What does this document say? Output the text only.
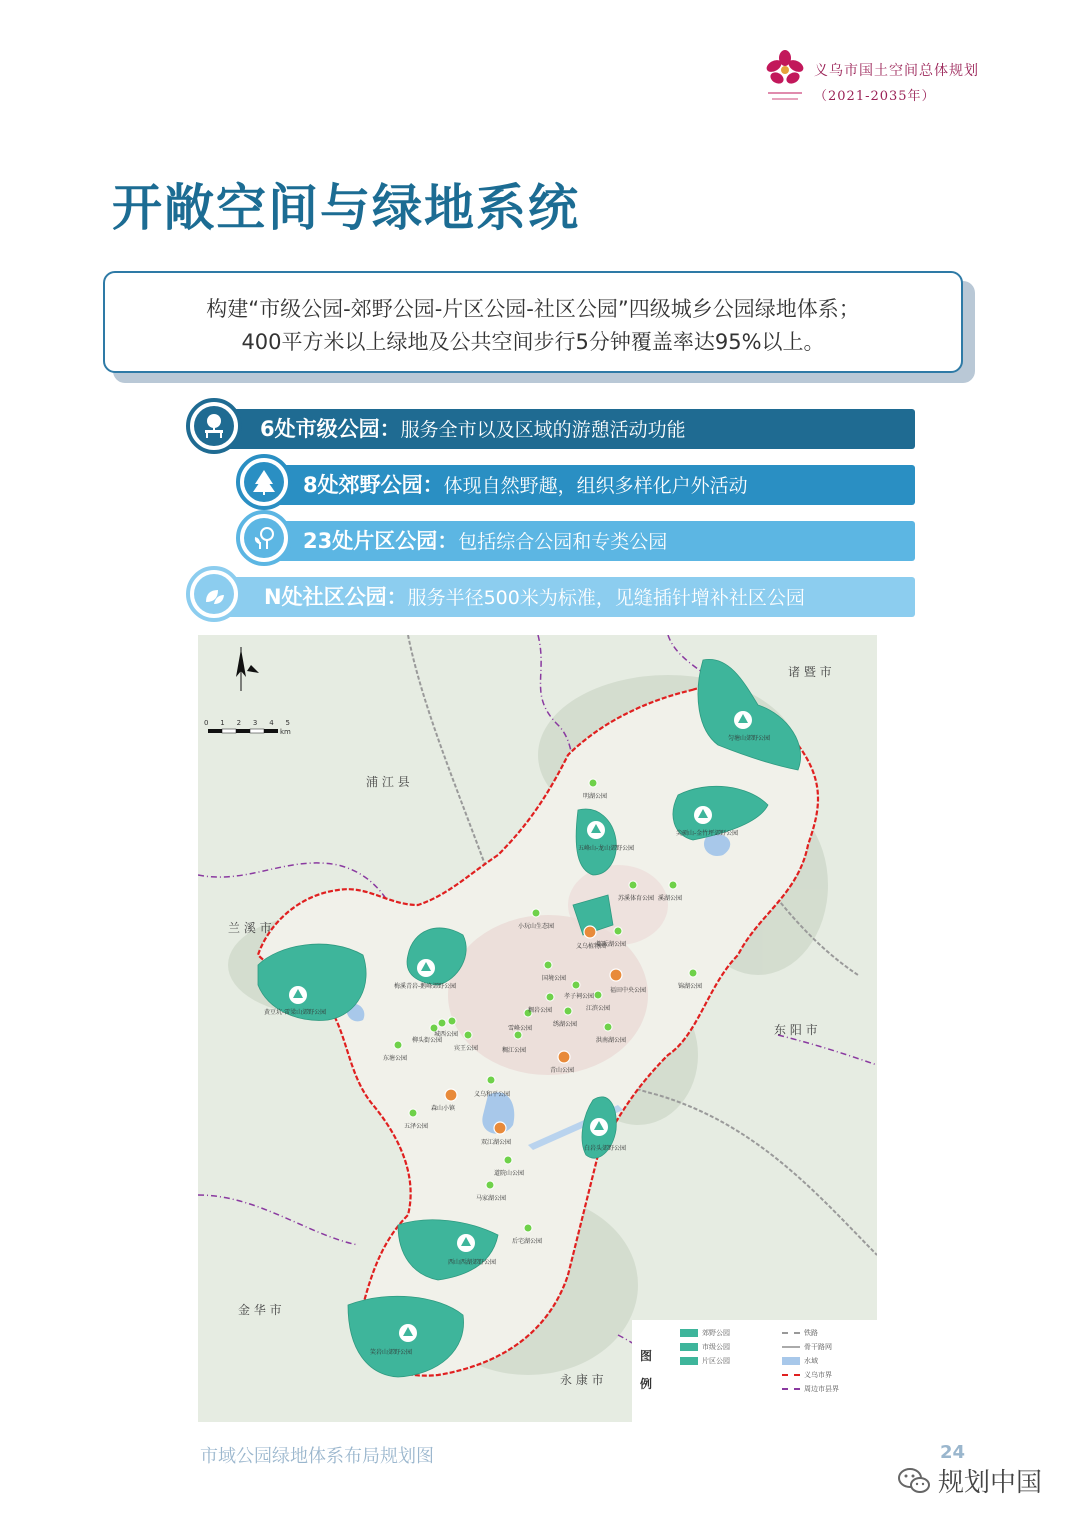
义乌市国土空间总体规划
（2021-2035年）
开敞空间与绿地系统
构建“市级公园-郊野公园-片区公园-社区公园”四级城乡公园绿地体系；
400平方米以上绿地及公共空间步行5分钟覆盖率达95%以上。
6处市级公园：服务全市以及区域的游憩活动功能
8处郊野公园：体现自然野趣，组织多样化户外活动
23处片区公园：包括综合公园和专类公园
N处社区公园：服务半径500米为标准，见缝插针增补社区公园
0 1 2 3 4 5
km
浦 江 县
诸 暨 市
兰 溪 市
东 阳 市
金 华 市
永 康 市
匀塘山郊野公园
尖硕山-金竹坪郊野公园
五峰山-龙山郊野公园
梅溪青岩-鹅峰郊野公园
黄豆坑-雷梁山郊野公园
白岩头郊野公园
西山西湖郊野公园
笑岩山郊野公园
义乌植物园
福田中央公园
青山公园
森山小镇
双江湖公园
明湖公园
苏溪体育公园 溪湖公园
小玩山生态园
都畈湖公园
国境公园
锦湖公园
孝子祠公园
稠岩公园	江滨公园
城西公园
雪峰公园
绣湖公园
柳头街公园
稠江公园
洪南湖公园
宾王公园
东塘公园
义乌和平公园
五泽公园
道院山公园
马家湖公园
后宅湖公园
图例
郊野公园
市级公园
片区公园
铁路
骨干路网
水域
义乌市界
周边市县界
市域公园绿地体系布局规划图	24
规划中国
